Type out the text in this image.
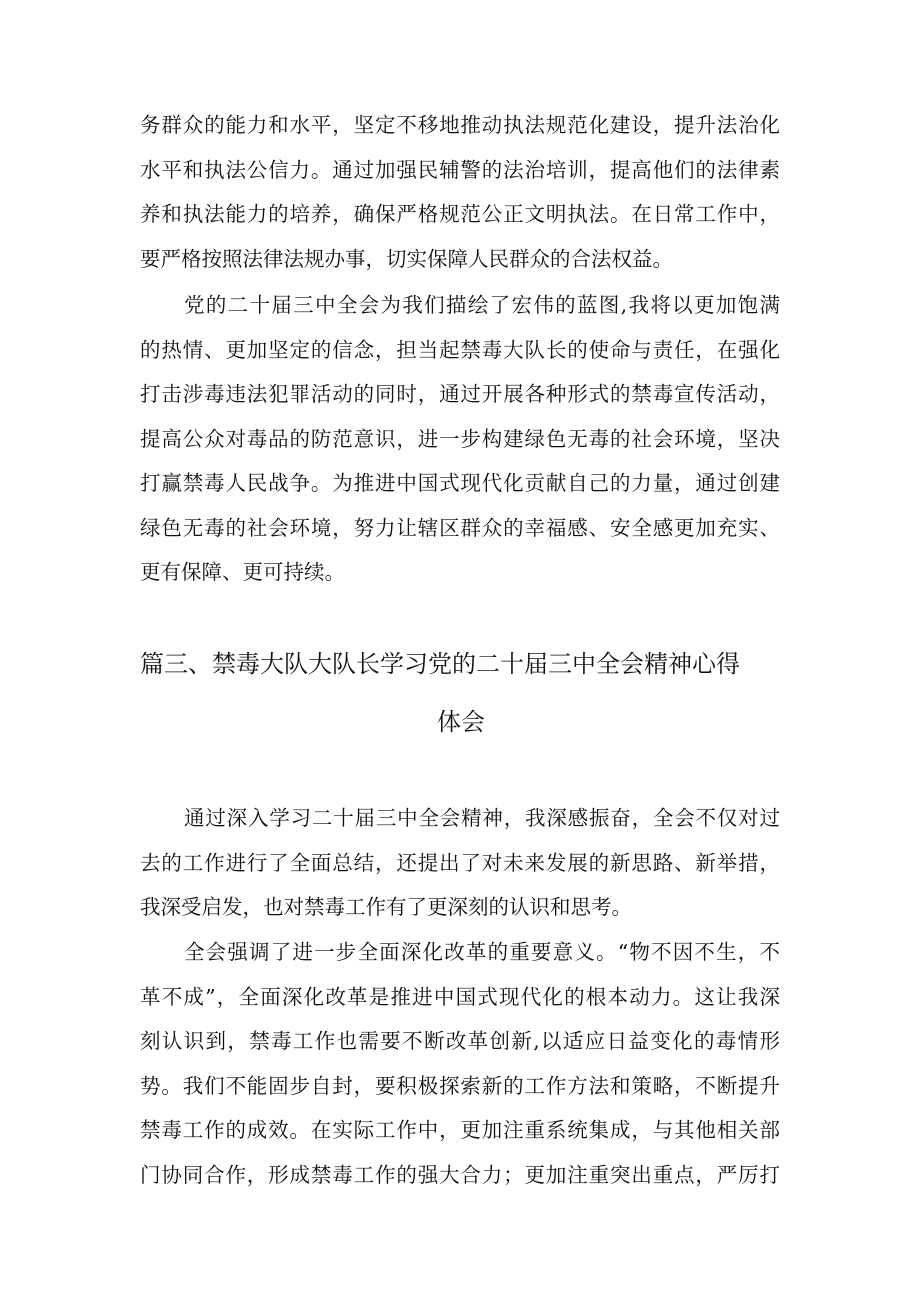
务群众的能力和水平，坚定不移地推动执法规范化建设，提升法治化
水平和执法公信力。通过加强民辅警的法治培训，提高他们的法律素
养和执法能力的培养，确保严格规范公正文明执法。在日常工作中，
要严格按照法律法规办事，切实保障人民群众的合法权益。
党的二十届三中全会为我们描绘了宏伟的蓝图,我将以更加饱满
的热情、更加坚定的信念，担当起禁毒大队长的使命与责任，在强化
打击涉毒违法犯罪活动的同时，通过开展各种形式的禁毒宣传活动，
提高公众对毒品的防范意识，进一步构建绿色无毒的社会环境，坚决
打赢禁毒人民战争。为推进中国式现代化贡献自己的力量，通过创建
绿色无毒的社会环境，努力让辖区群众的幸福感、安全感更加充实、
更有保障、更可持续。
篇三、禁毒大队大队长学习党的二十届三中全会精神心得
体会
通过深入学习二十届三中全会精神，我深感振奋，全会不仅对过
去的工作进行了全面总结，还提出了对未来发展的新思路、新举措，
我深受启发，也对禁毒工作有了更深刻的认识和思考。
全会强调了进一步全面深化改革的重要意义。“物不因不生，不
革不成”，全面深化改革是推进中国式现代化的根本动力。这让我深
刻认识到，禁毒工作也需要不断改革创新,以适应日益变化的毒情形
势。我们不能固步自封，要积极探索新的工作方法和策略，不断提升
禁毒工作的成效。在实际工作中，更加注重系统集成，与其他相关部
门协同合作，形成禁毒工作的强大合力；更加注重突出重点，严厉打
